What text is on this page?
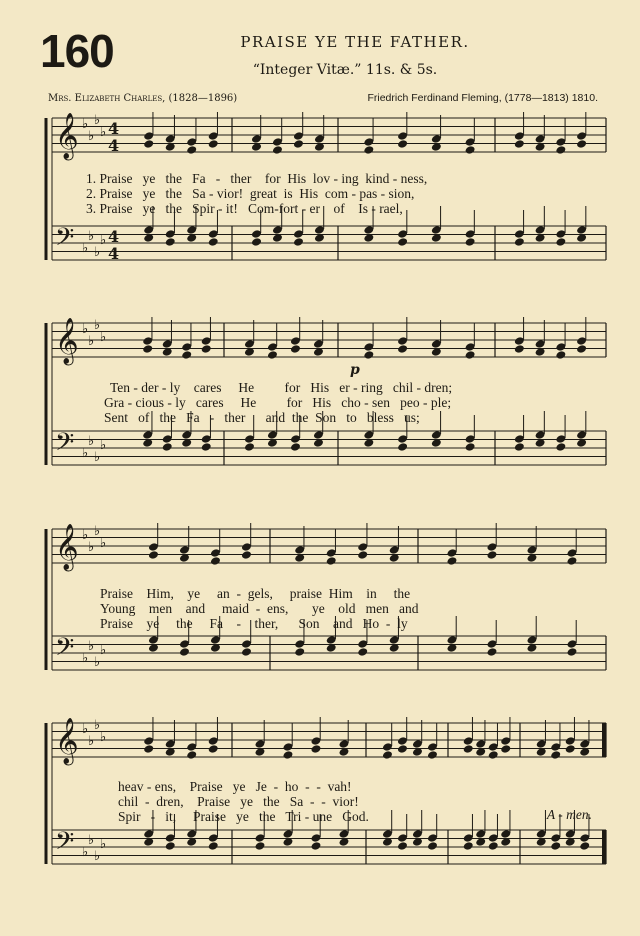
160	PRAISE YE THE FATHER.
“Integer Vitæ.” 11s. & 5s.
Mrs. Elizabeth Charles, (1828—1896)	Friedrich Ferdinand Fleming, (1778—1813) 1810.
𝄞 ♭
♭
♭
♭ 4
4
𝄢 ♭
♭
♭
♭ 4
4
𝄞 ♭
♭
♭
♭
𝄢 ♭
♭
♭
♭
𝄞 ♭
♭
♭
♭
𝄢 ♭
♭
♭
♭
𝄞 ♭
♭
♭
♭
𝄢 ♭
♭
♭
♭
p
1. Praise   ye   the   Fa   -   ther    for  His  lov - ing  kind - ness,
2. Praise   ye   the   Sa - vior!  great  is  His  com - pas - sion,
3. Praise   ye   the   Spir - it!   Com-fort - er    of    Is - rael,
Ten - der - ly    cares     He         for   His   er - ring   chil - dren;
Gra - cious - ly   cares     He         for   His   cho - sen   peo - ple;
Sent   of   the   Fa   -   ther      and  the  Son   to   bless   us;
Praise    Him,    ye     an  -  gels,     praise  Him    in     the
Young    men    and     maid  -  ens,       ye    old   men   and
Praise    ye     the     Fa    -    ther,      Son    and   Ho  -  ly
heav - ens,    Praise   ye   Je  -  ho  -  -  vah!
chil  -  dren,    Praise   ye   the   Sa  -  -  vior!
Spir   -   it,     Praise   ye   the   Tri - une   God.	A - men.
